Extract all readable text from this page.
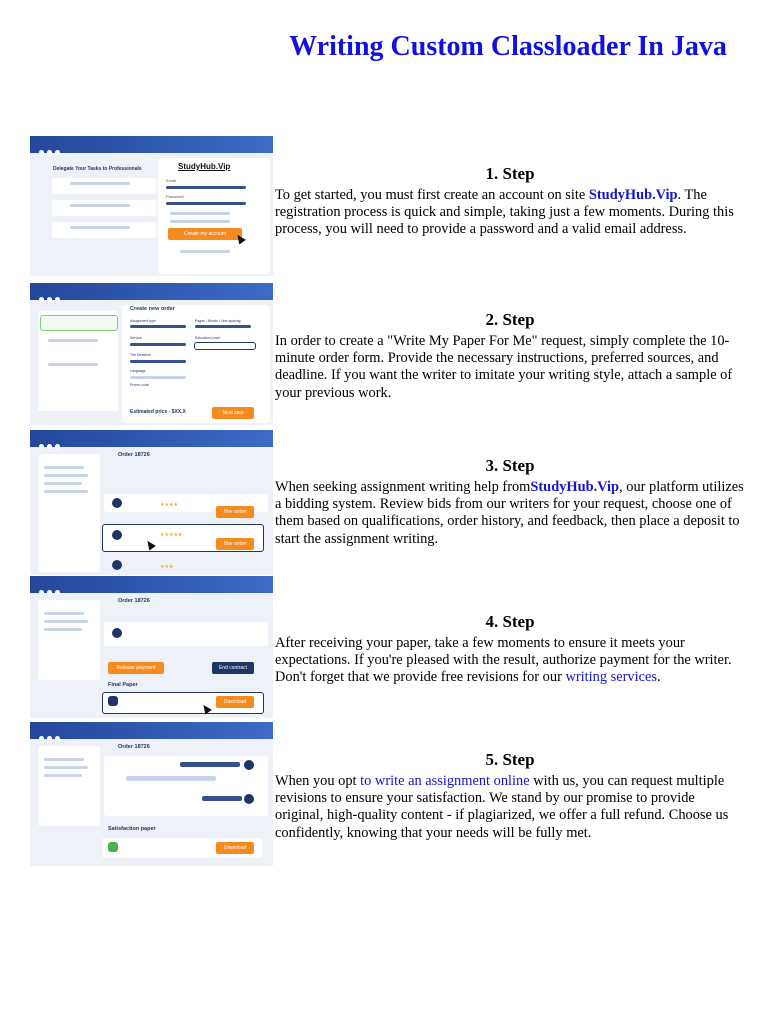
Writing Custom Classloader In Java
Delegate Your Tasks to Professionals	StudyHub.Vip
Email
Password
Create my account
Create new order
Assignment type	Pages / Words / Line spacing
Service	Education Level
The Deadline
Language
Promo code
Estimated price - $XX.X	Next step
Order 18726
★★★★
Hire writer
★★★★★
Hire writer
★★★
Order 18726
Release payment	End contract
Final Paper
Download
Order 18726
Satisfaction paper
Download
1. Step

To get started, you must first create an account on site StudyHub.Vip. The registration process is quick and simple, taking just a few moments. During this process, you will need to provide a password and a valid email address.

2. Step

In order to create a "Write My Paper For Me" request, simply complete the 10-minute order form. Provide the necessary instructions, preferred sources, and deadline. If you want the writer to imitate your writing style, attach a sample of your previous work.

3. Step

When seeking assignment writing help fromStudyHub.Vip, our platform utilizes a bidding system. Review bids from our writers for your request, choose one of them based on qualifications, order history, and feedback, then place a deposit to start the assignment writing.

4. Step

After receiving your paper, take a few moments to ensure it meets your expectations. If you're pleased with the result, authorize payment for the writer. Don't forget that we provide free revisions for our writing services.

5. Step

When you opt to write an assignment online with us, you can request multiple revisions to ensure your satisfaction. We stand by our promise to provide original, high-quality content - if plagiarized, we offer a full refund. Choose us confidently, knowing that your needs will be fully met.
